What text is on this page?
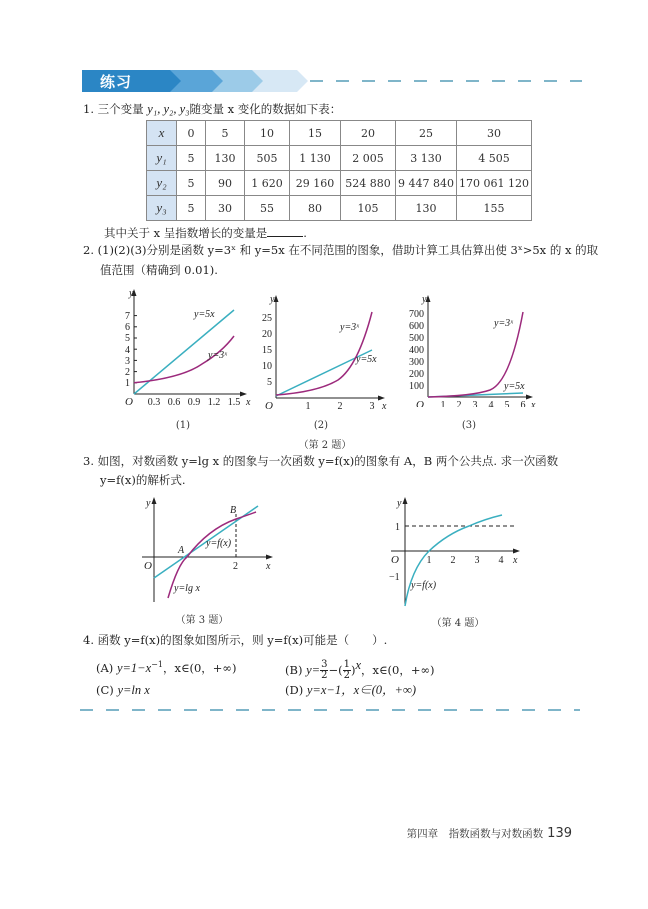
练习
1. 三个变量 y₁, y₂, y₃随变量 x 变化的数据如下表：
x	0	5	10	15	20	25	30
y₁	5	130	505	1 130	2 005	3 130	4 505
y₂	5	90	1 620	29 160	524 880	9 447 840	170 061 120
y₃	5	30	55	80	105	130	155
其中关于 x 呈指数增长的变量是	.
2. (1)(2)(3)分别是函数 y=3ˣ 和 y=5x 在不同范围的图象，借助计算工具估算出使 3ˣ>5x 的 x 的取
值范围（精确到 0.01).
1
2
3
4
5
6
7
0.3 0.6 0.9 1.2 1.5
O
y
x
y=5x
y=3ˣ
(1)
5
10
15
20
25
1	2	3
O
y
x
y=3ˣ
y=5x
(2)
（第 2 题）
100
200
300
400
500
600
700
1 2 3 4 5 6
O
y
x
y=3ˣ
y=5x
(3)
3. 如图，对数函数 y=lg x 的图象与一次函数 y=f(x)的图象有 A，B 两个公共点. 求一次函数
y=f(x)的解析式.
O
y
x
A
B
2
y=f(x)
y=lg x
（第 3 题）
O
y
x
1 2 3 4
1
−1
y=f(x)
（第 4 题）
4. 函数 y=f(x)的图象如图所示，则 y=f(x)可能是（　　）.
(A) $y=1-x^{-1}$，x∈(0，+∞)	(B) $y= \frac{3}{2}$ −( $\frac{1}{2} )^x$，x∈(0，+∞)
(C) y=ln x	(D) y=x−1，x∈(0，+∞)
第四章　指数函数与对数函数 139
